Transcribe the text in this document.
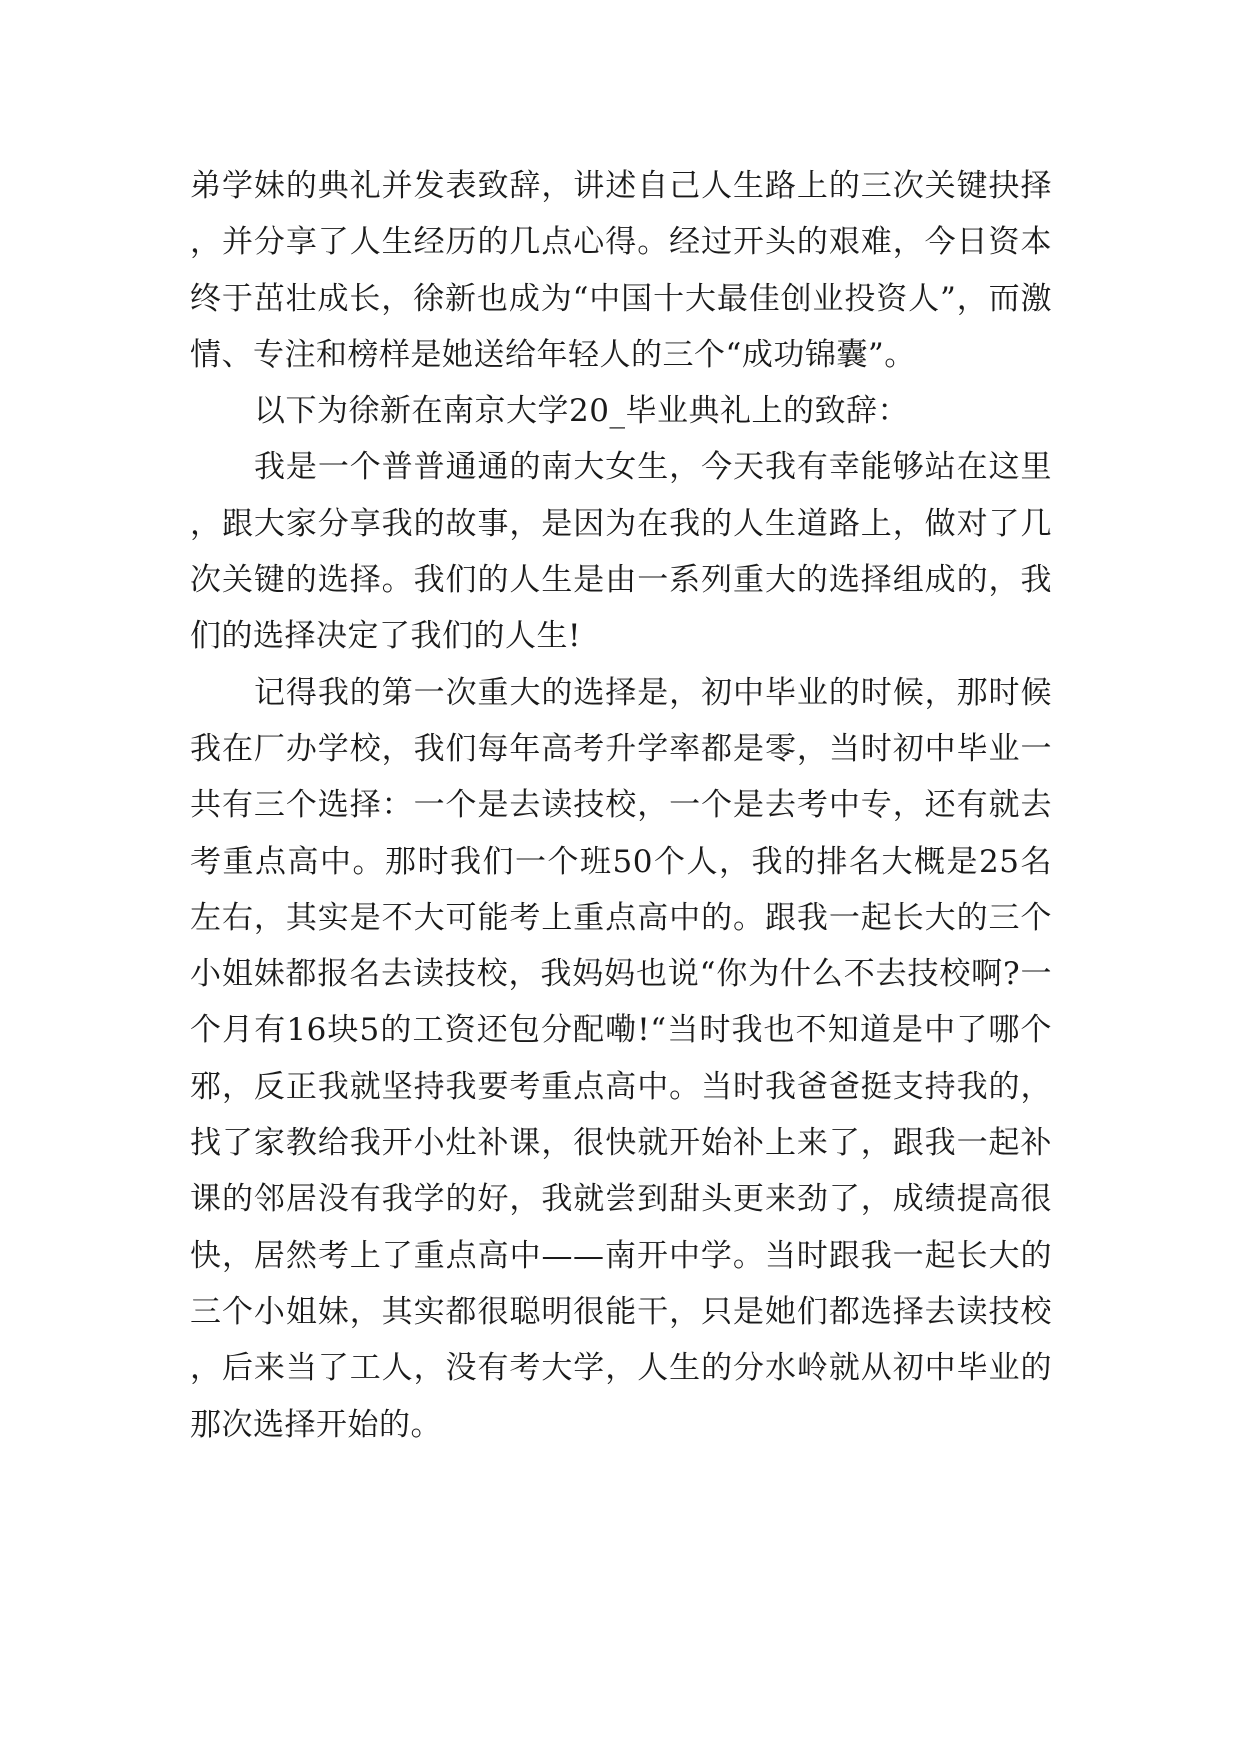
弟学妹的典礼并发表致辞，讲述自己人生路上的三次关键抉择，并分享了人生经历的几点心得。经过开头的艰难，今日资本终于茁壮成长，徐新也成为“中国十大最佳创业投资人”，而激情、专注和榜样是她送给年轻人的三个“成功锦囊”。

以下为徐新在南京大学20_毕业典礼上的致辞：

我是一个普普通通的南大女生，今天我有幸能够站在这里，跟大家分享我的故事，是因为在我的人生道路上，做对了几次关键的选择。我们的人生是由一系列重大的选择组成的，我们的选择决定了我们的人生!

记得我的第一次重大的选择是，初中毕业的时候，那时候我在厂办学校，我们每年高考升学率都是零，当时初中毕业一共有三个选择：一个是去读技校，一个是去考中专，还有就去考重点高中。那时我们一个班50个人，我的排名大概是25名左右，其实是不大可能考上重点高中的。跟我一起长大的三个小姐妹都报名去读技校，我妈妈也说“你为什么不去技校啊?一个月有16块5的工资还包分配嘞!“当时我也不知道是中了哪个邪，反正我就坚持我要考重点高中。当时我爸爸挺支持我的，找了家教给我开小灶补课，很快就开始补上来了，跟我一起补课的邻居没有我学的好，我就尝到甜头更来劲了，成绩提高很快，居然考上了重点高中——南开中学。当时跟我一起长大的三个小姐妹，其实都很聪明很能干，只是她们都选择去读技校，后来当了工人，没有考大学，人生的分水岭就从初中毕业的那次选择开始的。
